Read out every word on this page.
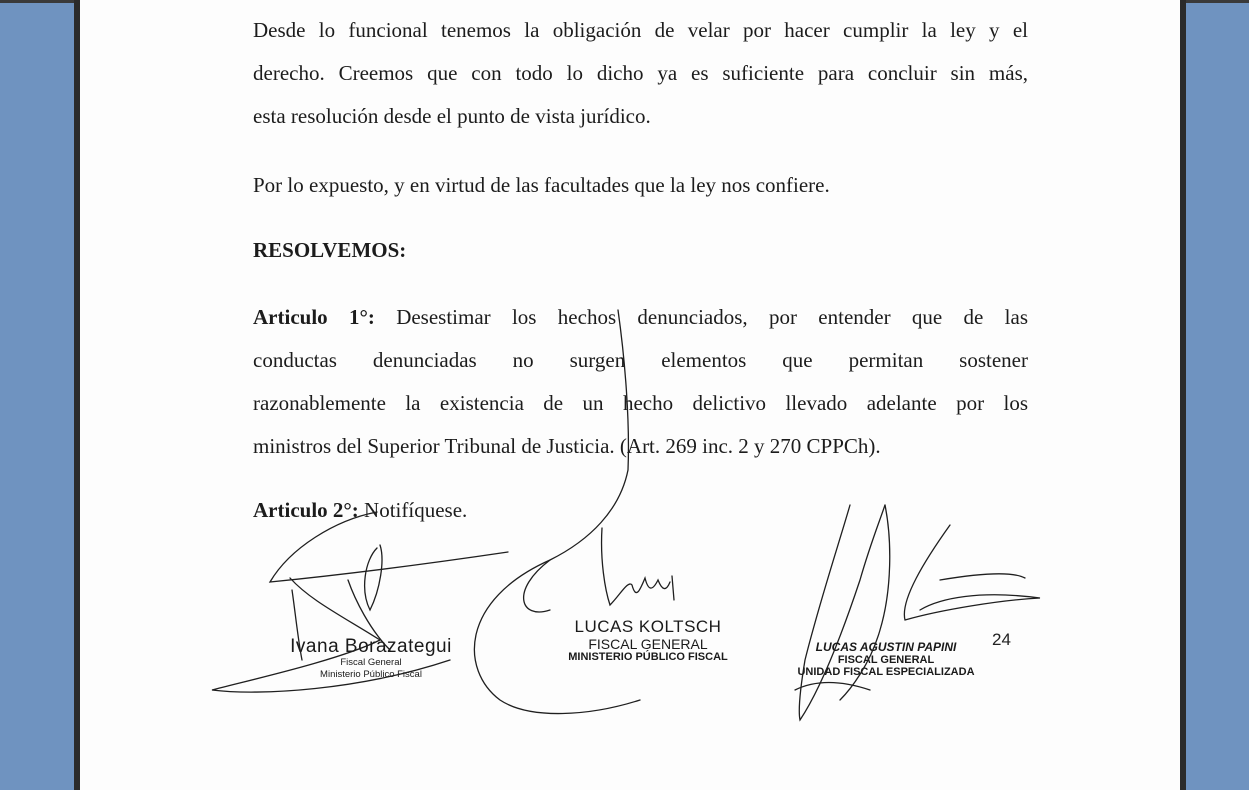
Desde lo funcional tenemos la obligación de velar por hacer cumplir la ley y el

derecho. Creemos que con todo lo dicho ya es suficiente para concluir sin más,

esta resolución desde el punto de vista jurídico.

Por lo expuesto, y en virtud de las facultades que la ley nos confiere.

RESOLVEMOS:

Articulo 1°: Desestimar los hechos denunciados, por entender que de las

conductas denunciadas no surgen elementos que permitan sostener

razonablemente la existencia de un hecho delictivo llevado adelante por los

ministros del Superior Tribunal de Justicia. (Art. 269 inc. 2 y 270 CPPCh).

Articulo 2°: Notifíquese.

Ivana Borazategui
Fiscal General
Ministerio Público Fiscal
LUCAS KOLTSCH
FISCAL GENERAL
MINISTERIO PÚBLICO FISCAL
LUCAS AGUSTIN PAPINI
FISCAL GENERAL
UNIDAD FISCAL ESPECIALIZADA
24
